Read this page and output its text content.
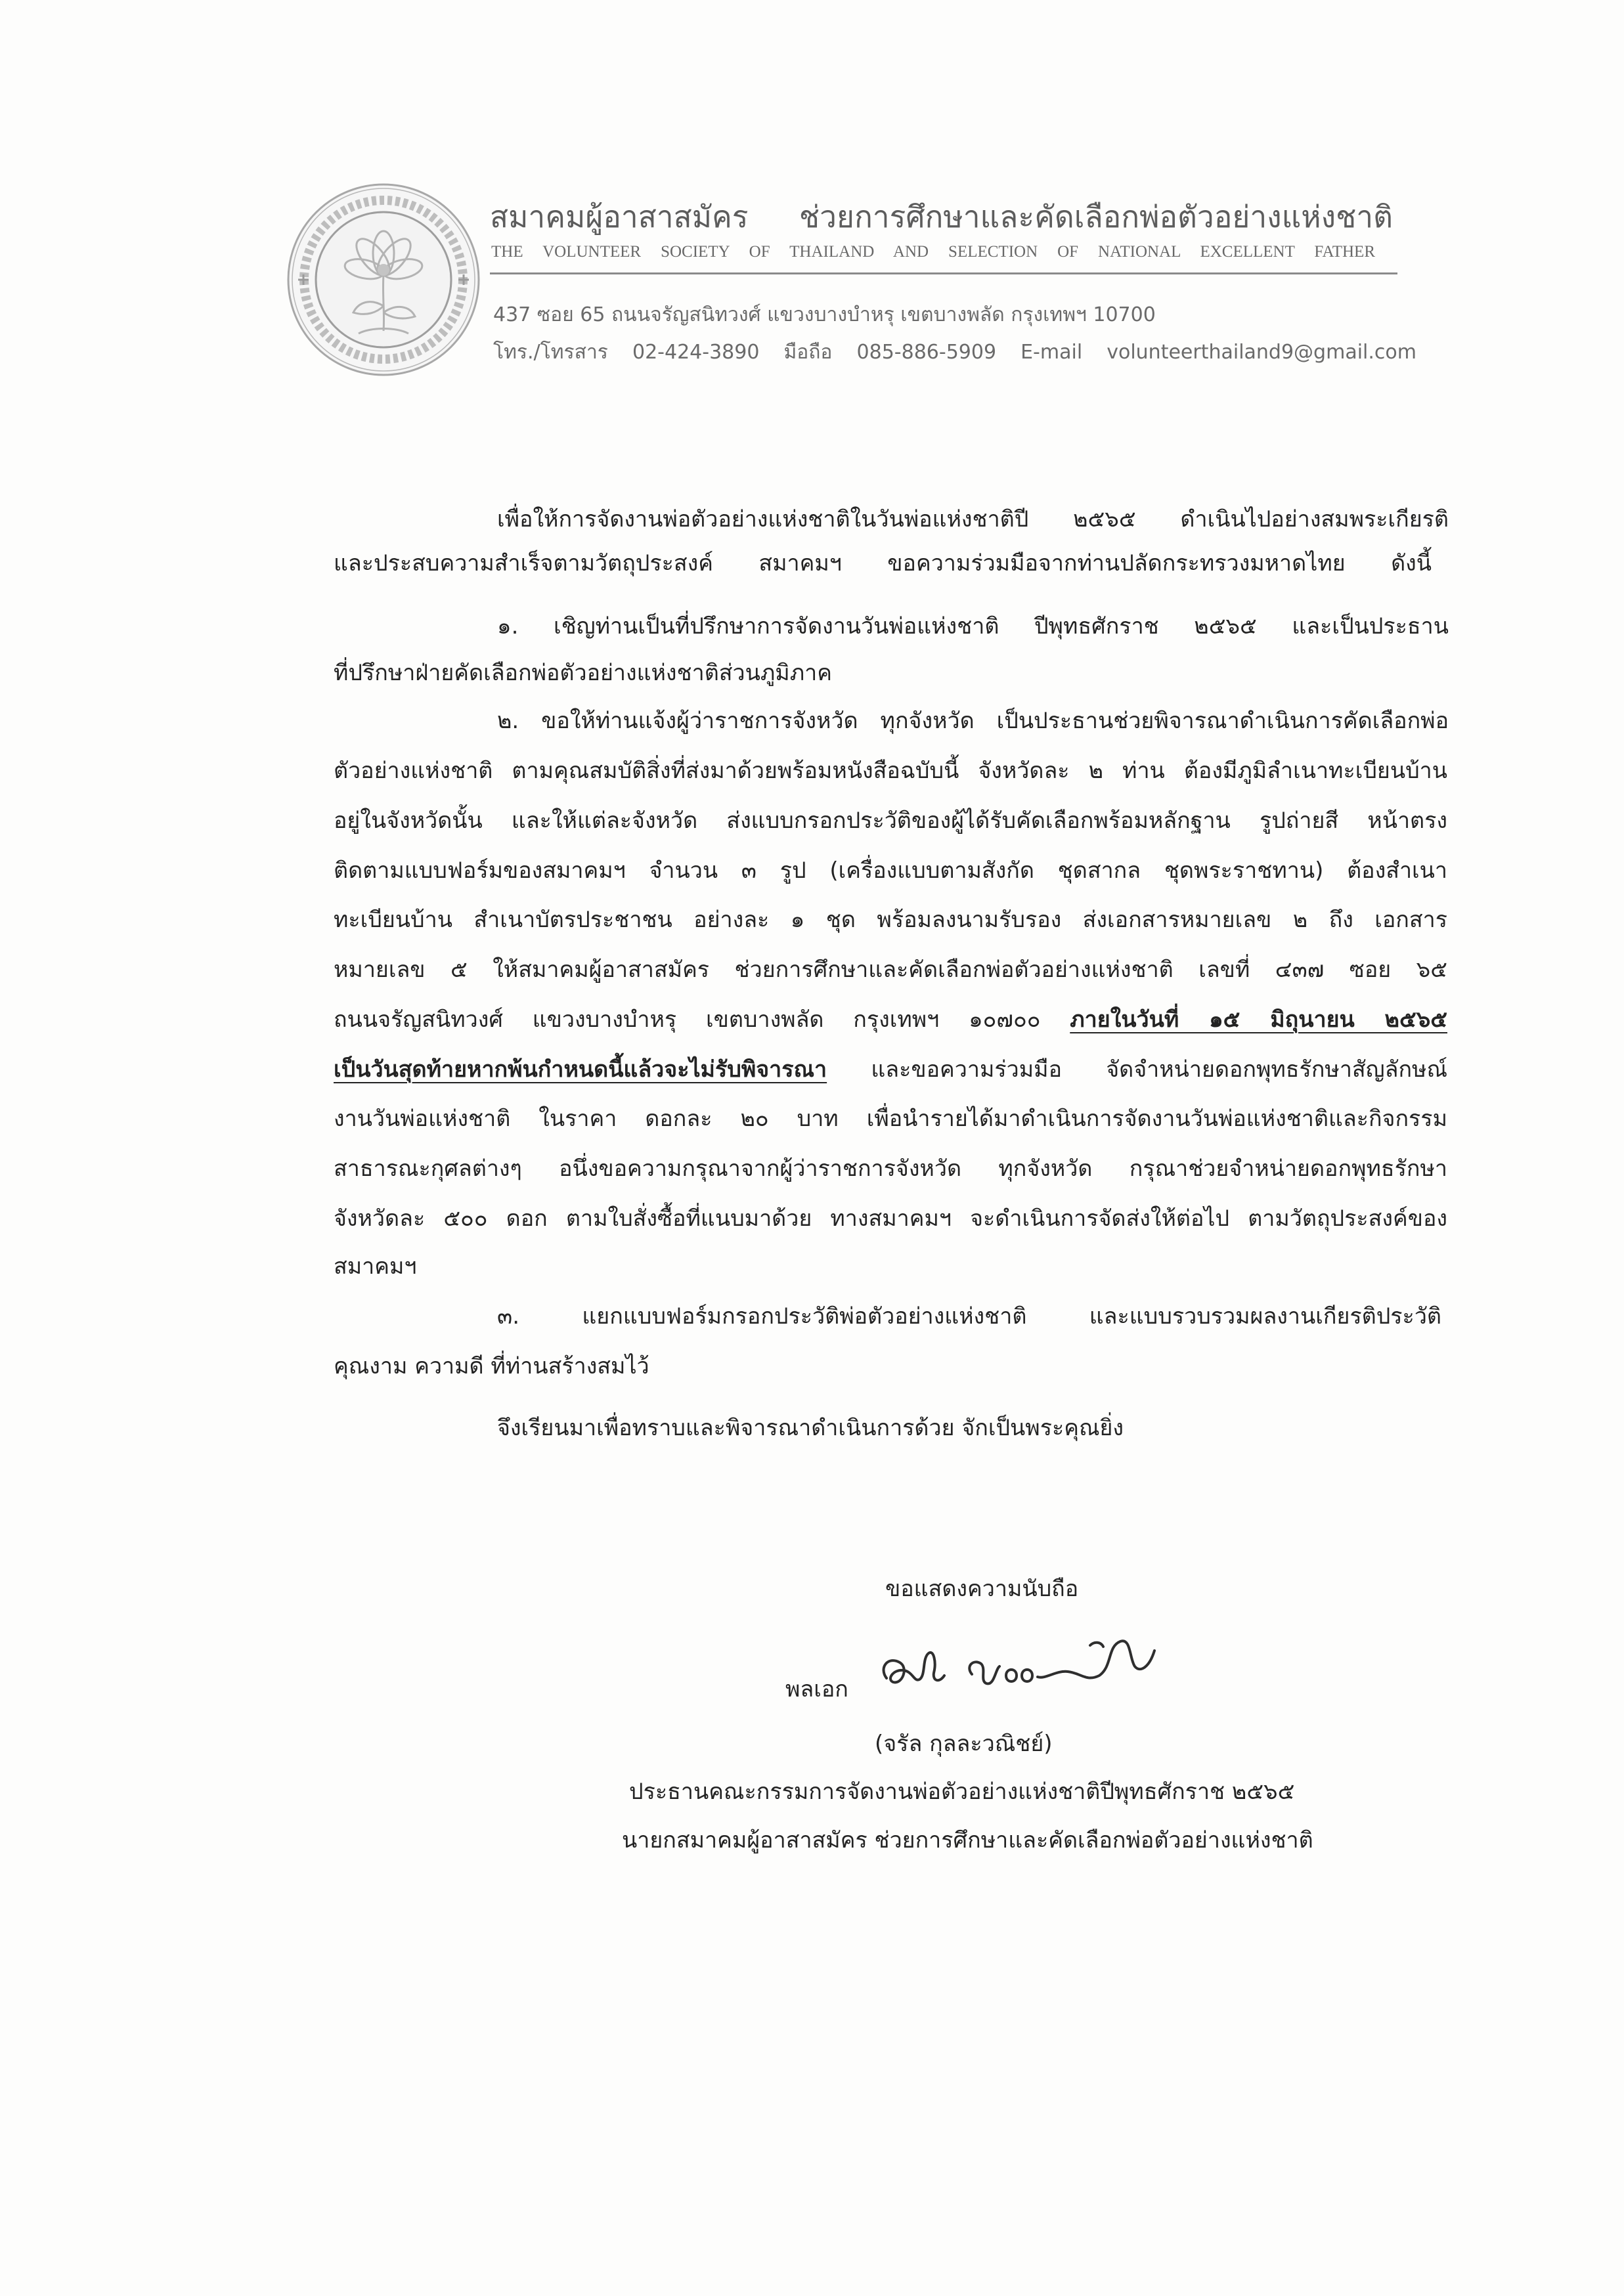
สมาคมผู้อาสาสมัคร ช่วยการศึกษาและคัดเลือกพ่อตัวอย่างแห่งชาติ
THE VOLUNTEER SOCIETY OF THAILAND AND SELECTION OF NATIONAL EXCELLENT FATHER
437 ซอย 65 ถนนจรัญสนิทวงศ์ แขวงบางบำหรุ เขตบางพลัด กรุงเทพฯ 10700
โทร./โทรสาร 02-424-3890 มือถือ 085-886-5909 E-mail volunteerthailand9@gmail.com
เพื่อให้การจัดงานพ่อตัวอย่างแห่งชาติในวันพ่อแห่งชาติปี ๒๕๖๕ ดำเนินไปอย่างสมพระเกียรติ
และประสบความสำเร็จตามวัตถุประสงค์ สมาคมฯ ขอความร่วมมือจากท่านปลัดกระทรวงมหาดไทย ดังนี้
๑. เชิญท่านเป็นที่ปรึกษาการจัดงานวันพ่อแห่งชาติ ปีพุทธศักราช ๒๕๖๕ และเป็นประธาน
ที่ปรึกษาฝ่ายคัดเลือกพ่อตัวอย่างแห่งชาติส่วนภูมิภาค
๒. ขอให้ท่านแจ้งผู้ว่าราชการจังหวัด ทุกจังหวัด เป็นประธานช่วยพิจารณาดำเนินการคัดเลือกพ่อ
ตัวอย่างแห่งชาติ ตามคุณสมบัติสิ่งที่ส่งมาด้วยพร้อมหนังสือฉบับนี้ จังหวัดละ ๒ ท่าน ต้องมีภูมิลำเนาทะเบียนบ้าน
อยู่ในจังหวัดนั้น และให้แต่ละจังหวัด ส่งแบบกรอกประวัติของผู้ได้รับคัดเลือกพร้อมหลักฐาน รูปถ่ายสี หน้าตรง
ติดตามแบบฟอร์มของสมาคมฯ จำนวน ๓ รูป (เครื่องแบบตามสังกัด ชุดสากล ชุดพระราชทาน) ต้องสำเนา
ทะเบียนบ้าน สำเนาบัตรประชาชน อย่างละ ๑ ชุด พร้อมลงนามรับรอง ส่งเอกสารหมายเลข ๒ ถึง เอกสาร
หมายเลข ๕ ให้สมาคมผู้อาสาสมัคร ช่วยการศึกษาและคัดเลือกพ่อตัวอย่างแห่งชาติ เลขที่ ๔๓๗ ซอย ๖๕
ถนนจรัญสนิทวงศ์ แขวงบางบำหรุ เขตบางพลัด กรุงเทพฯ ๑๐๗๐๐ ภายในวันที่ ๑๕ มิถุนายน ๒๕๖๕
เป็นวันสุดท้ายหากพ้นกำหนดนี้แล้วจะไม่รับพิจารณา และขอความร่วมมือ จัดจำหน่ายดอกพุทธรักษาสัญลักษณ์
งานวันพ่อแห่งชาติ ในราคา ดอกละ ๒๐ บาท เพื่อนำรายได้มาดำเนินการจัดงานวันพ่อแห่งชาติและกิจกรรม
สาธารณะกุศลต่างๆ อนึ่งขอความกรุณาจากผู้ว่าราชการจังหวัด ทุกจังหวัด กรุณาช่วยจำหน่ายดอกพุทธรักษา
จังหวัดละ ๕๐๐ ดอก ตามใบสั่งซื้อที่แนบมาด้วย ทางสมาคมฯ จะดำเนินการจัดส่งให้ต่อไป ตามวัตถุประสงค์ของ
สมาคมฯ
๓. แยกแบบฟอร์มกรอกประวัติพ่อตัวอย่างแห่งชาติ และแบบรวบรวมผลงานเกียรติประวัติ
คุณงาม ความดี ที่ท่านสร้างสมไว้
จึงเรียนมาเพื่อทราบและพิจารณาดำเนินการด้วย จักเป็นพระคุณยิ่ง
ขอแสดงความนับถือ
พลเอก
(จรัล กุลละวณิชย์)
ประธานคณะกรรมการจัดงานพ่อตัวอย่างแห่งชาติปีพุทธศักราช ๒๕๖๕
นายกสมาคมผู้อาสาสมัคร ช่วยการศึกษาและคัดเลือกพ่อตัวอย่างแห่งชาติ
